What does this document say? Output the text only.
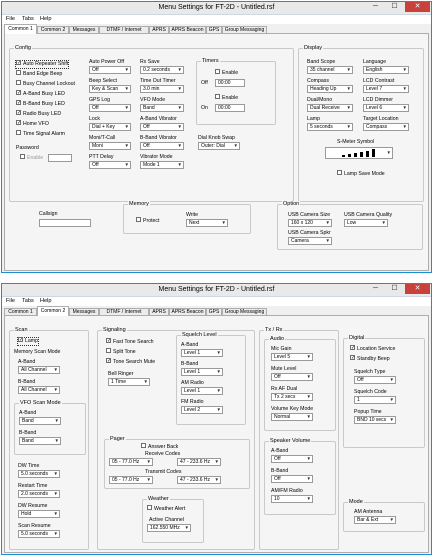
Menu Settings for FT-2D - Untitled.rsf	─	☐	✕
File Tabs Help
Common 1	Common 2	Messages	DTMF / Internet	APRS	APRS Beacon	GPS	Group Messaging
Config
✓ Auto Repeater Shift
Band Edge Beep
Busy Channel Lockout
✓ A-Band Busy LED
✓ B-Band Busy LED
✓ Radio Busy LED
✓ Home VFO
Time Signal Alarm
Password
Enable
Auto Power Off
Off	▼
Beep Select
Key & Scan ▼
GPS Log
Off	▼
Lock
Dial + Key ▼
Moni/T-Call
Moni	▼
PTT Delay
Off	▼
Rx Save
0.2 seconds ▼
Time Out Timer
3.0 min	▼
VFO Mode
Band	▼
A-Band Vibrator
Off	▼
B-Band Vibrator
Off	▼
Vibrator Mode
Mode 1	▼
Timers
Enable
Off	00:00
Enable
On	00:00
Dial Knob Swap
Outer: Dial ▼
Display
Band Scope
35 channel	▼
Compass
Heading Up ▼
Dual/Mono
Dual Receive ▼
Lamp
5 seconds	▼
Language
English	▼
LCD Contrast
Level 7	▼
LCD Dimmer
Level 6	▼
Target Location
Compass	▼
S-Meter Symbol
▼
Lamp Save Mode
Callsign
Memory
Protect
Write
Next	▼
Option
USB Camera Size
160 x 120	▼
USB Camera Quality
Low	▼
USB Camera Spkr
Camera	▼
Menu Settings for FT-2D - Untitled.rsf	─	☐	✕
File Tabs Help
Common 1	Common 2	Messages	DTMF / Internet	APRS	APRS Beacon	GPS	Group Messaging
Scan
✓ Lamp
Memory Scan Mode
A-Band
All Channel ▼
B-Band
All Channel ▼
VFO Scan Mode
A-Band
Band	▼
B-Band
Band	▼
DW Time
5.0 seconds ▼
Restart Time
2.0 seconds ▼
DW Resume
Hold	▼
Scan Resume
5.0 seconds ▼
Signaling
✓ Fast Tone Search
Split Tone
✓ Tone Search Mute
Bell Ringer
1 Time	▼
Squelch Level
A-Band
Level 1	▼
B-Band
Level 1	▼
AM Radio
Level 1	▼
FM Radio
Level 2	▼
Pager
Answer Back
Receive Codes
05 - 77.0 Hz ▼	47 - 233.6 Hz ▼
Transmit Codes
05 - 77.0 Hz ▼	47 - 233.6 Hz ▼
Weather
Weather Alert
Active Channel
162.550 MHz ▼
Tx / Rx
Audio
Mic Gain
Level 5	▼
Mute Level
Off	▼
Rx AF Dual
Tx 2 secs ▼
Volume Key Mode
Normal	▼
Speaker Volume
A-Band
Off	▼
B-Band
Off	▼
AM/FM Radio
10	▼
Digital
✓ Location Service
✓ Standby Beep
Squelch Type
Off	▼
Squelch Code
1	▼
Popup Time
BND 10 secs ▼
Mode
AM Antenna
Bar & Ext	▼
